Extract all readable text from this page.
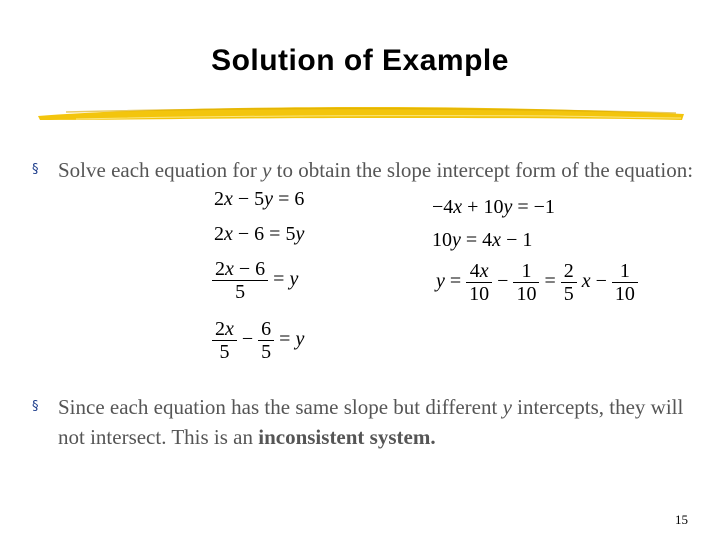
Solution of Example
§ Solve each equation for y to obtain the slope intercept form of the equation:
2x − 5y = 6
2x − 6 = 5y
$\frac{2x - 6}{5} = y$
$\frac{2x}{5} - \frac{6}{5} = y$
−4x + 10y = −1
10y = 4x − 1
$y = \frac{4x}{10} - \frac{1}{10} = \frac{2}{5}$ $x - \frac{1}{10}$
§ Since each equation has the same slope but different y intercepts, they will not intersect. This is an inconsistent system.
15
